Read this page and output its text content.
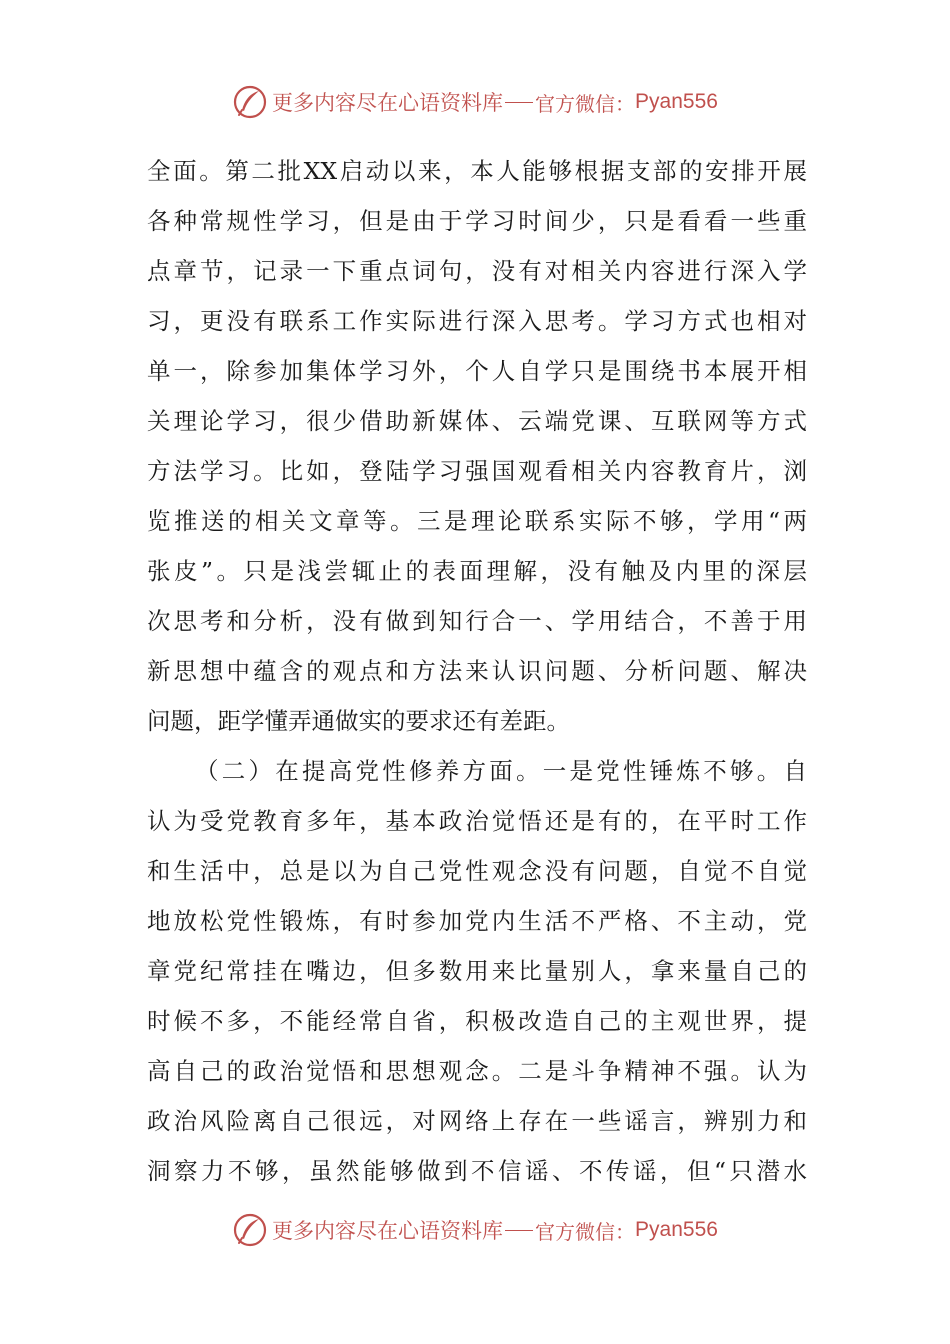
更多内容尽在心语资料库 官方微信： Pyan556
全面。第二批XX启动以来，本人能够根据支部的安排开展
各种常规性学习，但是由于学习时间少，只是看看一些重
点章节，记录一下重点词句，没有对相关内容进行深入学
习，更没有联系工作实际进行深入思考。学习方式也相对
单一，除参加集体学习外，个人自学只是围绕书本展开相
关理论学习，很少借助新媒体、云端党课、互联网等方式
方法学习。比如，登陆学习强国观看相关内容教育片，浏
览推送的相关文章等。三是理论联系实际不够，学用“两
张皮”。只是浅尝辄止的表面理解，没有触及内里的深层
次思考和分析，没有做到知行合一、学用结合，不善于用
新思想中蕴含的观点和方法来认识问题、分析问题、解决
问题，距学懂弄通做实的要求还有差距。
（二）在提高党性修养方面。一是党性锤炼不够。自
认为受党教育多年，基本政治觉悟还是有的，在平时工作
和生活中，总是以为自己党性观念没有问题，自觉不自觉
地放松党性锻炼，有时参加党内生活不严格、不主动，党
章党纪常挂在嘴边，但多数用来比量别人，拿来量自己的
时候不多，不能经常自省，积极改造自己的主观世界，提
高自己的政治觉悟和思想观念。二是斗争精神不强。认为
政治风险离自己很远，对网络上存在一些谣言，辨别力和
洞察力不够，虽然能够做到不信谣、不传谣，但“只潜水
更多内容尽在心语资料库 官方微信： Pyan556
